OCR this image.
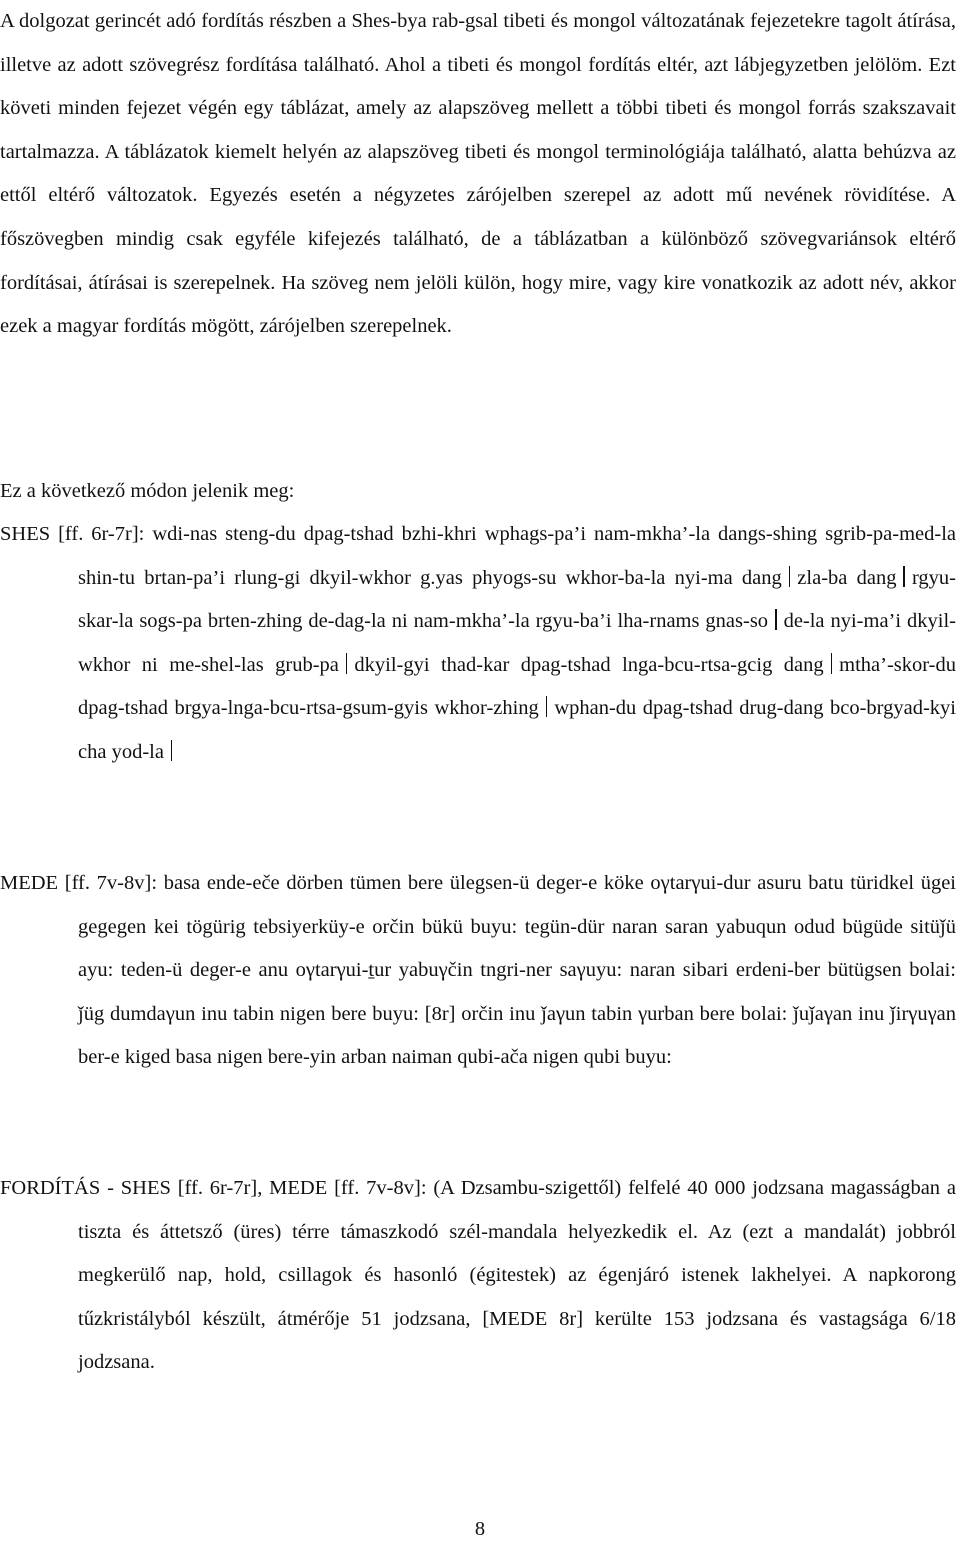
A dolgozat gerincét adó fordítás részben a Shes-bya rab-gsal tibeti és mongol változatának fejezetekre tagolt átírása, illetve az adott szövegrész fordítása található. Ahol a tibeti és mongol fordítás eltér, azt lábjegyzetben jelölöm. Ezt követi minden fejezet végén egy táblázat, amely az alapszöveg mellett a többi tibeti és mongol forrás szakszavait tartalmazza. A táblázatok kiemelt helyén az alapszöveg tibeti és mongol terminológiája található, alatta behúzva az ettől eltérő változatok. Egyezés esetén a négyzetes zárójelben szerepel az adott mű nevének rövidítése. A főszövegben mindig csak egyféle kifejezés található, de a táblázatban a különböző szövegvariánsok eltérő fordításai, átírásai is szerepelnek. Ha szöveg nem jelöli külön, hogy mire, vagy kire vonatkozik az adott név, akkor ezek a magyar fordítás mögött, zárójelben szerepelnek.

Ez a következő módon jelenik meg:

SHES [ff. 6r-7r]: wdi-nas steng-du dpag-tshad bzhi-khri wphags-pa’i nam-mkha’-la dangs-shing sgrib-pa-med-la shin-tu brtan-pa’i rlung-gi dkyil-wkhor g.yas phyogs-su wkhor-ba-la nyi-ma dang zla-ba dang rgyu-skar-la sogs-pa brten-zhing de-dag-la ni nam-mkha’-la rgyu-ba’i lha-rnams gnas-so de-la nyi-ma’i dkyil-wkhor ni me-shel-las grub-pa dkyil-gyi thad-kar dpag-tshad lnga-bcu-rtsa-gcig dang mtha’-skor-du dpag-tshad brgya-lnga-bcu-rtsa-gsum-gyis wkhor-zhing wphan-du dpag-tshad drug-dang bco-brgyad-kyi cha yod-la

MEDE [ff. 7v-8v]: basa ende-eče dörben tümen bere ülegsen-ü deger-e köke oγtarγui-dur asuru batu türidkel ügei gegegen kei tögürig tebsiyerküy-e orčin bükü buyu: tegün-dür naran saran yabuqun odud bügüde sitüǰü ayu: teden-ü deger-e anu oγtarγui-t̠ur yabuγčin tngri-ner saγuyu: naran sibari erdeni-ber bütügsen bolai: ǰüg dumdaγun inu tabin nigen bere buyu: [8r] orčin inu ǰaγun tabin γurban bere bolai: ǰuǰaγan inu ǰirγuγan ber-e kiged basa nigen bere-yin arban naiman qubi-ača nigen qubi buyu:

FORDÍTÁS - SHES [ff. 6r-7r], MEDE [ff. 7v-8v]: (A Dzsambu-szigettől) felfelé 40 000 jodzsana magasságban a tiszta és áttetsző (üres) térre támaszkodó szél-mandala helyezkedik el. Az (ezt a mandalát) jobbról megkerülő nap, hold, csillagok és hasonló (égitestek) az égenjáró istenek lakhelyei. A napkorong tűzkristályból készült, átmérője 51 jodzsana, [MEDE 8r] kerülte 153 jodzsana és vastagsága 6/18 jodzsana.

8
